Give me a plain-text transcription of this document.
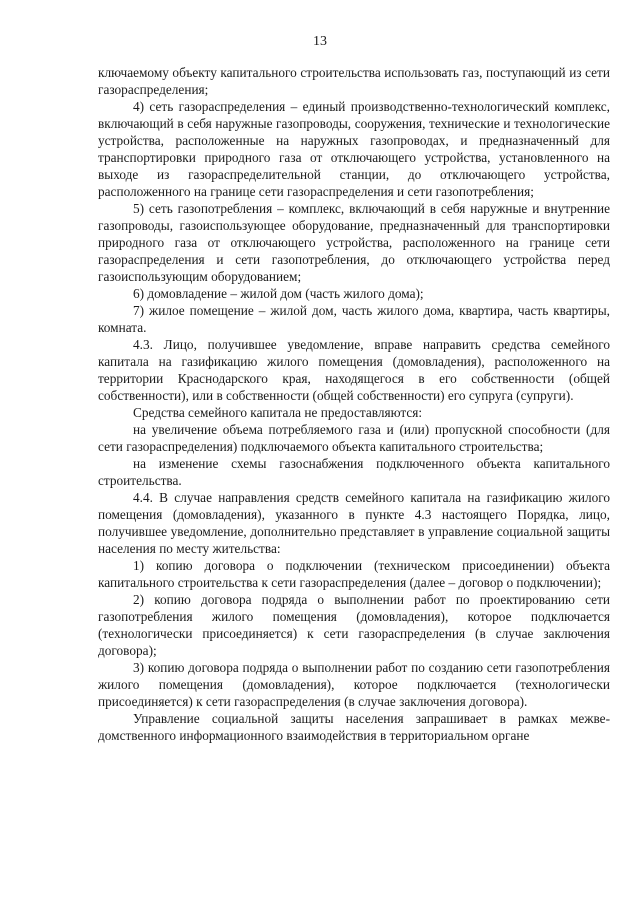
13

ключаемому объекту капитального строительства использовать газ, поступающий из сети газораспределения;

4) сеть газораспределения – единый производственно-технологический комплекс, включающий в себя наружные газопроводы, сооружения, технические и технологические устройства, расположенные на наружных газопроводах, и предназначенный для транспортировки природного газа от отключающего устройства, установленного на выходе из газораспределительной станции, до отключающего устройства, расположенного на границе сети газораспределения и сети газопотребления;

5) сеть газопотребления – комплекс, включающий в себя наружные и внутренние газопроводы, газоиспользующее оборудование, предназначенный для транспортировки природного газа от отключающего устройства, расположенного на границе сети газораспределения и сети газопотребления, до отключающего устройства перед газоиспользующим оборудованием;

6) домовладение – жилой дом (часть жилого дома);

7) жилое помещение – жилой дом, часть жилого дома, квартира, часть квартиры, комната.

4.3. Лицо, получившее уведомление, вправе направить средства семейного капитала на газификацию жилого помещения (домовладения), расположенного на территории Краснодарского края, находящегося в его собственности (общей собственности), или в собственности (общей собственности) его супруга (супруги).

Средства семейного капитала не предоставляются:

на увеличение объема потребляемого газа и (или) пропускной способности (для сети газораспределения) подключаемого объекта капитального строительства;

на изменение схемы газоснабжения подключенного объекта капитального строительства.

4.4. В случае направления средств семейного капитала на газификацию жилого помещения (домовладения), указанного в пункте 4.3 настоящего Порядка, лицо, получившее уведомление, дополнительно представляет в управление социальной защиты населения по месту жительства:

1) копию договора о подключении (техническом присоединении) объекта капитального строительства к сети газораспределения (далее – договор о подключении);

2) копию договора подряда о выполнении работ по проектированию сети газопотребления жилого помещения (домовладения), которое подключается (технологически присоединяется) к сети газораспределения (в случае заключения договора);

3) копию договора подряда о выполнении работ по созданию сети газопотребления жилого помещения (домовладения), которое подключается (технологически присоединяется) к сети газораспределения (в случае заключения договора).

Управление социальной защиты населения запрашивает в рамках межведомственного информационного взаимодействия в территориальном органе
